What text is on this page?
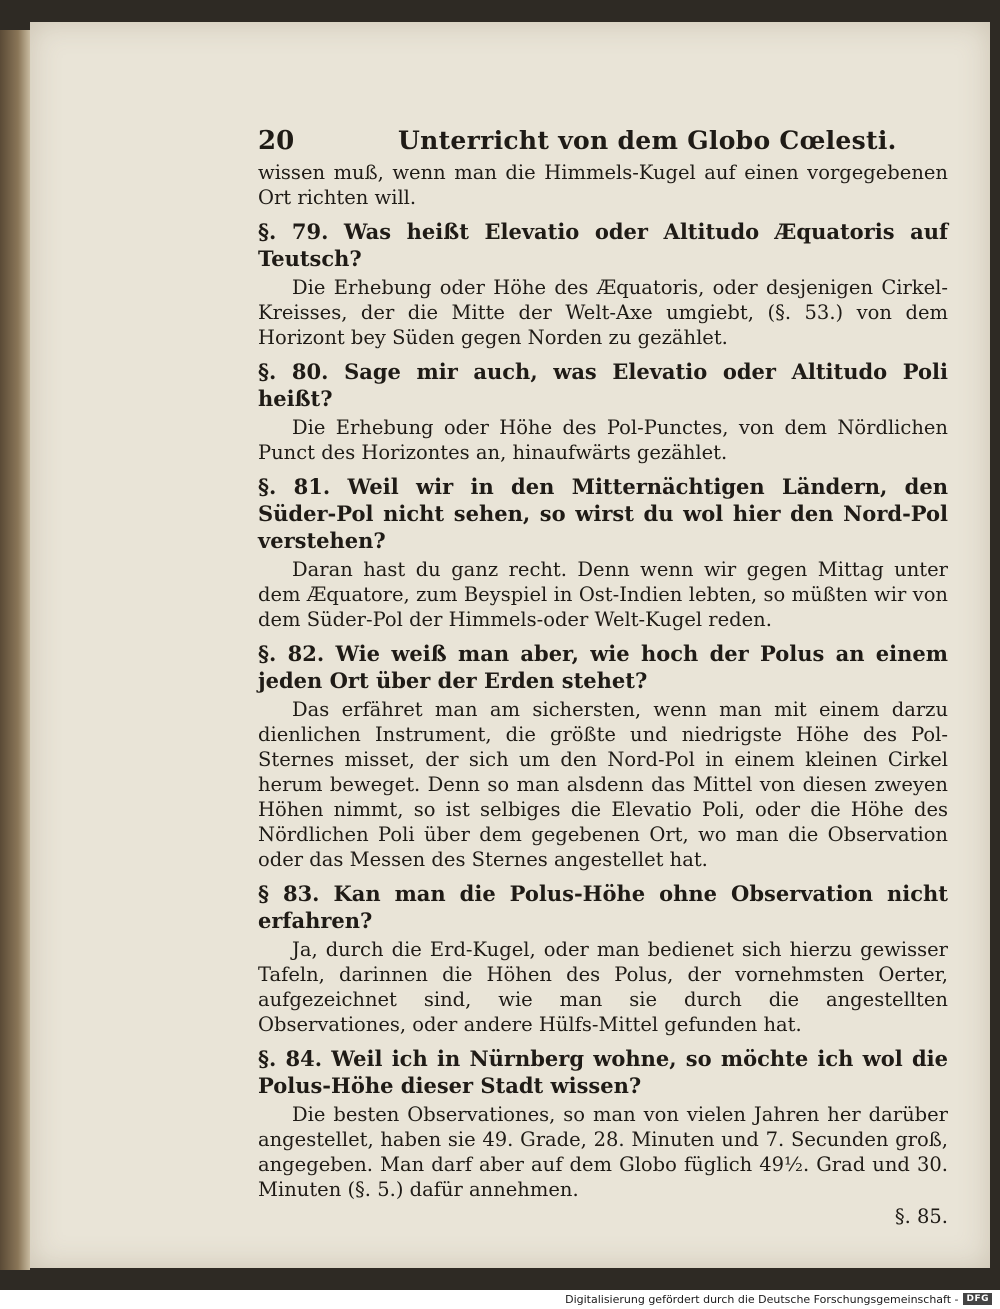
20	Unterricht von dem Globo Cœlesti.

wissen muß, wenn man die Himmels-Kugel auf einen vorgegebenen Ort richten will.

§. 79. Was heißt Elevatio oder Altitudo Æquatoris auf Teutsch?

Die Erhebung oder Höhe des Æquatoris, oder desjenigen Cirkel-Kreisses, der die Mitte der Welt-Axe umgiebt, (§. 53.) von dem Horizont bey Süden gegen Norden zu gezählet.

§. 80. Sage mir auch, was Elevatio oder Altitudo Poli heißt?

Die Erhebung oder Höhe des Pol-Punctes, von dem Nördlichen Punct des Horizontes an, hinaufwärts gezählet.

§. 81. Weil wir in den Mitternächtigen Ländern, den Süder-Pol nicht sehen, so wirst du wol hier den Nord-Pol verstehen?

Daran hast du ganz recht. Denn wenn wir gegen Mittag unter dem Æquatore, zum Beyspiel in Ost-Indien lebten, so müßten wir von dem Süder-Pol der Himmels-oder Welt-Kugel reden.

§. 82. Wie weiß man aber, wie hoch der Polus an einem jeden Ort über der Erden stehet?

Das erfähret man am sichersten, wenn man mit einem darzu dienlichen Instrument, die größte und niedrigste Höhe des Pol-Sternes misset, der sich um den Nord-Pol in einem kleinen Cirkel herum beweget. Denn so man alsdenn das Mittel von diesen zweyen Höhen nimmt, so ist selbiges die Elevatio Poli, oder die Höhe des Nördlichen Poli über dem gegebenen Ort, wo man die Observation oder das Messen des Sternes angestellet hat.

§ 83. Kan man die Polus-Höhe ohne Observation nicht erfahren?

Ja, durch die Erd-Kugel, oder man bedienet sich hierzu gewisser Tafeln, darinnen die Höhen des Polus, der vornehmsten Oerter, aufgezeichnet sind, wie man sie durch die angestellten Observationes, oder andere Hülfs-Mittel gefunden hat.

§. 84. Weil ich in Nürnberg wohne, so möchte ich wol die Polus-Höhe dieser Stadt wissen?

Die besten Observationes, so man von vielen Jahren her darüber angestellet, haben sie 49. Grade, 28. Minuten und 7. Secunden groß, angegeben. Man darf aber auf dem Globo füglich 49½. Grad und 30. Minuten (§. 5.) dafür annehmen.

§. 85.

Digitalisierung gefördert durch die Deutsche Forschungsgemeinschaft - DFG
